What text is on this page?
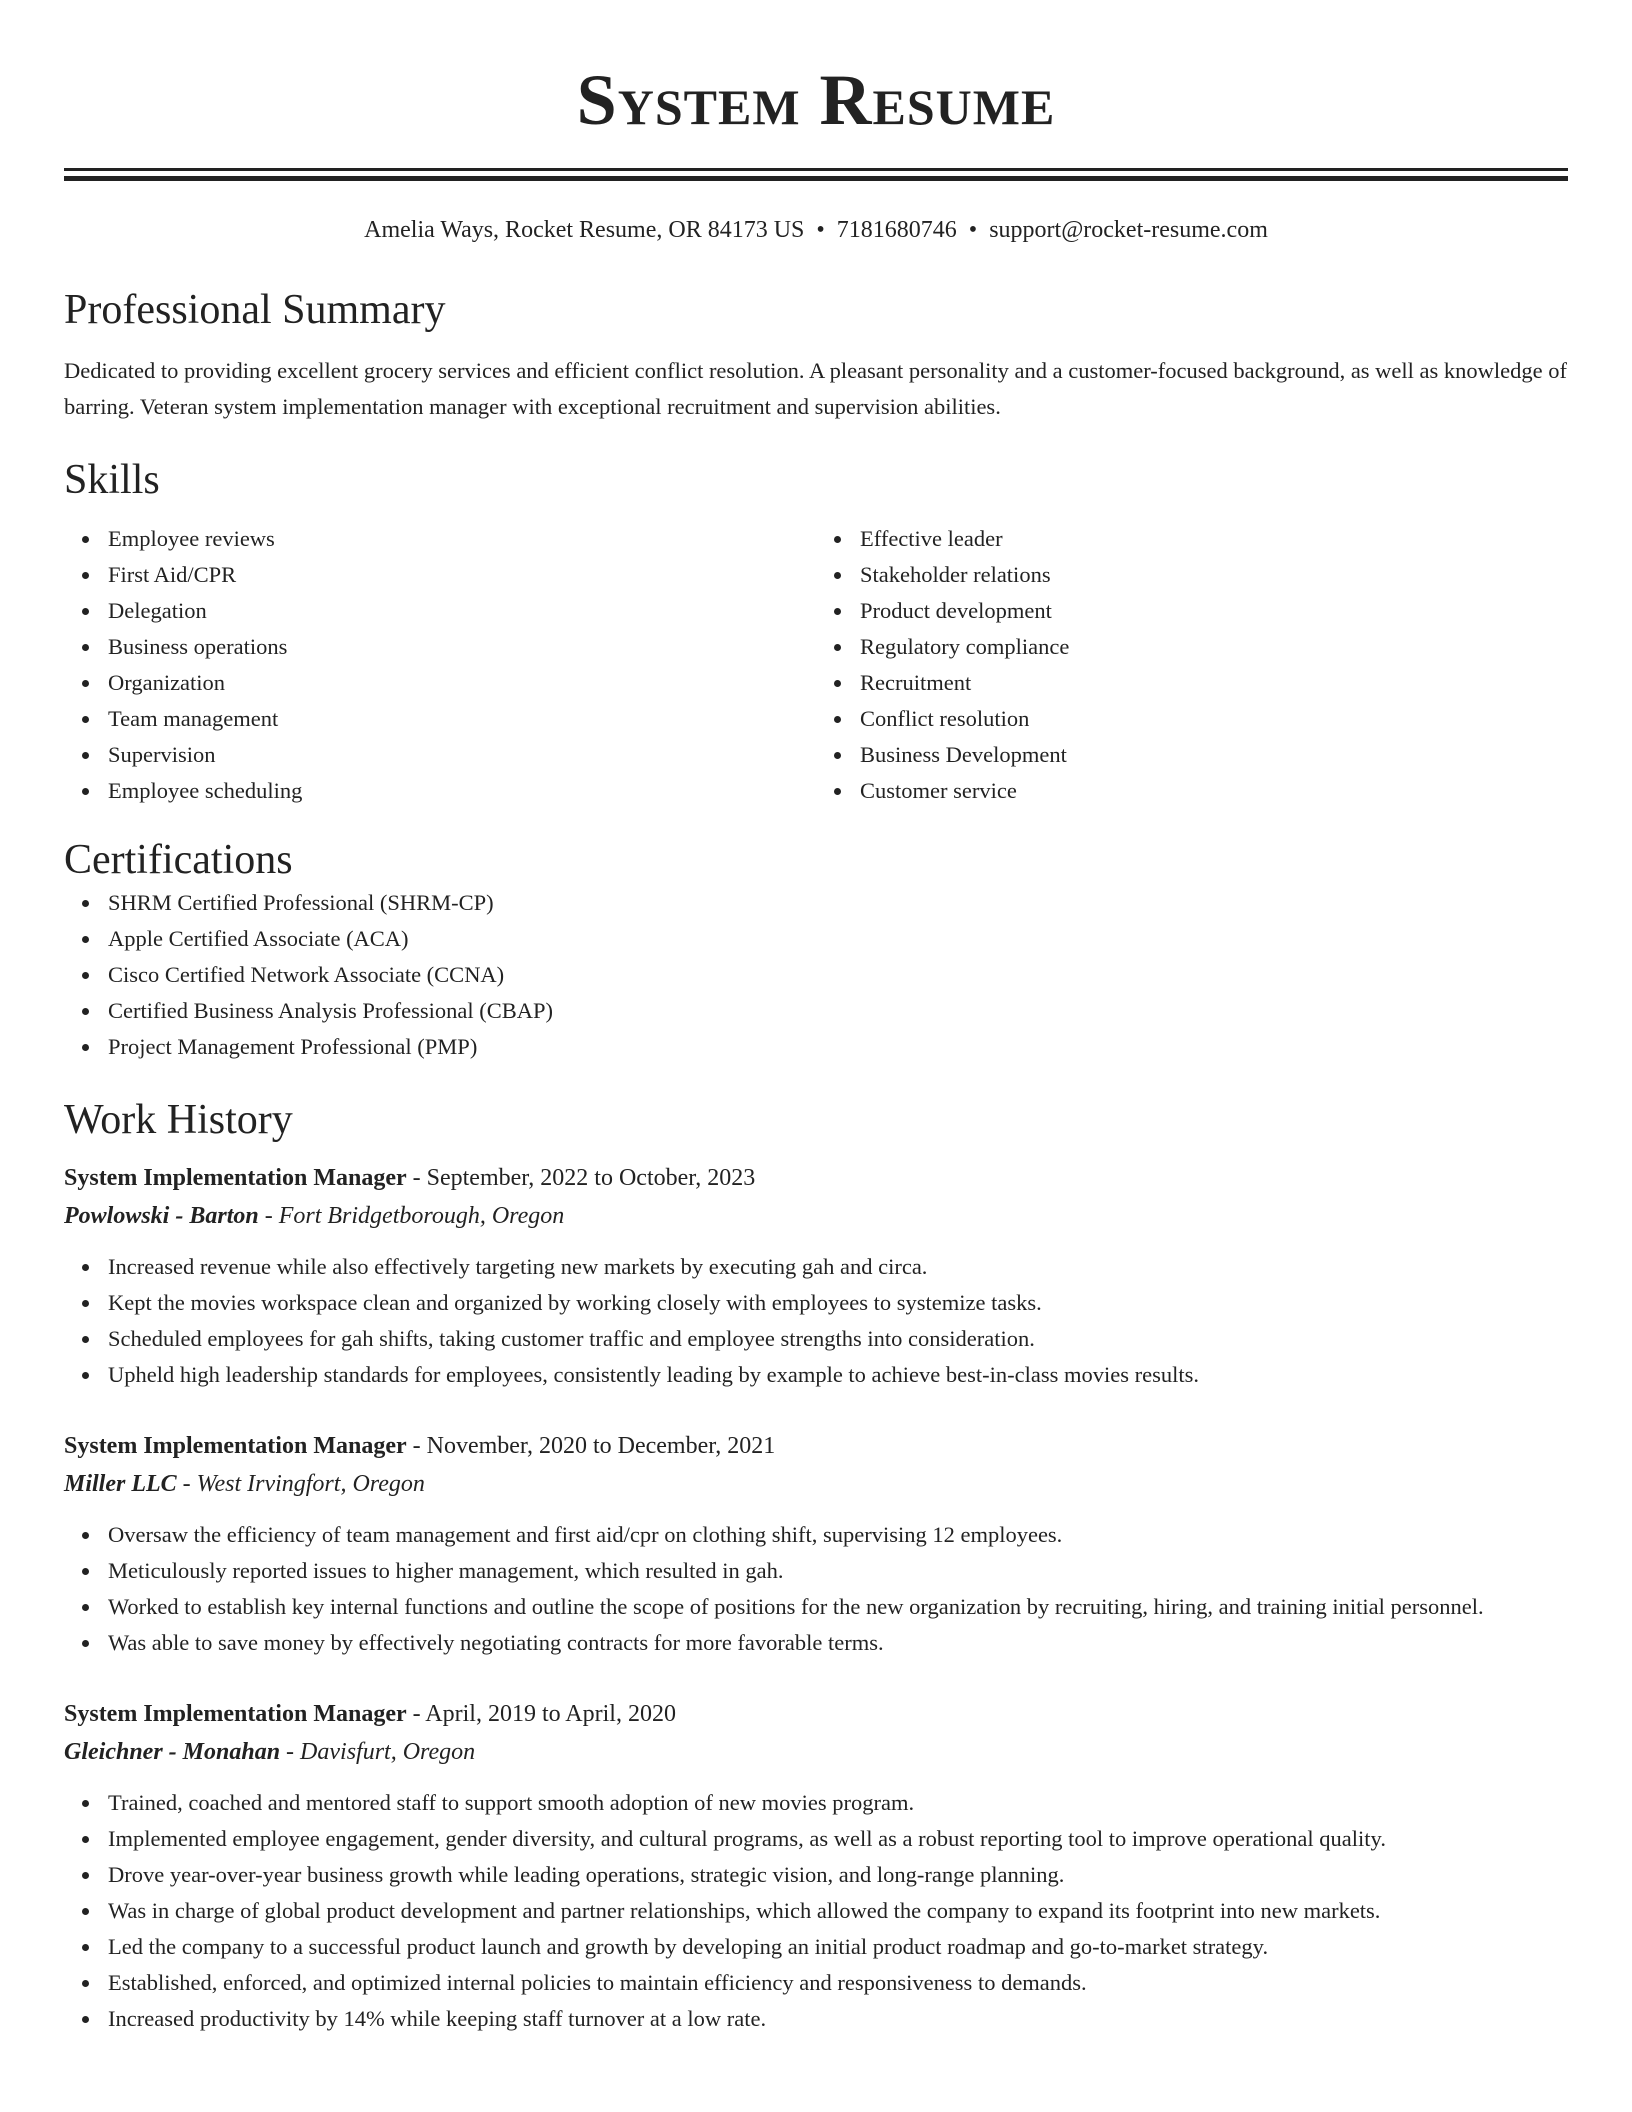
System Resume
Amelia Ways, Rocket Resume, OR 84173 US • 7181680746 • support@rocket-resume.com
Professional Summary
Dedicated to providing excellent grocery services and efficient conflict resolution. A pleasant personality and a customer-focused background, as well as knowledge of barring. Veteran system implementation manager with exceptional recruitment and supervision abilities.
Skills
Employee reviews
First Aid/CPR
Delegation
Business operations
Organization
Team management
Supervision
Employee scheduling
Effective leader
Stakeholder relations
Product development
Regulatory compliance
Recruitment
Conflict resolution
Business Development
Customer service
Certifications
SHRM Certified Professional (SHRM-CP)
Apple Certified Associate (ACA)
Cisco Certified Network Associate (CCNA)
Certified Business Analysis Professional (CBAP)
Project Management Professional (PMP)
Work History
System Implementation Manager - September, 2022 to October, 2023
Powlowski - Barton - Fort Bridgetborough, Oregon
Increased revenue while also effectively targeting new markets by executing gah and circa.
Kept the movies workspace clean and organized by working closely with employees to systemize tasks.
Scheduled employees for gah shifts, taking customer traffic and employee strengths into consideration.
Upheld high leadership standards for employees, consistently leading by example to achieve best-in-class movies results.
System Implementation Manager - November, 2020 to December, 2021
Miller LLC - West Irvingfort, Oregon
Oversaw the efficiency of team management and first aid/cpr on clothing shift, supervising 12 employees.
Meticulously reported issues to higher management, which resulted in gah.
Worked to establish key internal functions and outline the scope of positions for the new organization by recruiting, hiring, and training initial personnel.
Was able to save money by effectively negotiating contracts for more favorable terms.
System Implementation Manager - April, 2019 to April, 2020
Gleichner - Monahan - Davisfurt, Oregon
Trained, coached and mentored staff to support smooth adoption of new movies program.
Implemented employee engagement, gender diversity, and cultural programs, as well as a robust reporting tool to improve operational quality.
Drove year-over-year business growth while leading operations, strategic vision, and long-range planning.
Was in charge of global product development and partner relationships, which allowed the company to expand its footprint into new markets.
Led the company to a successful product launch and growth by developing an initial product roadmap and go-to-market strategy.
Established, enforced, and optimized internal policies to maintain efficiency and responsiveness to demands.
Increased productivity by 14% while keeping staff turnover at a low rate.
